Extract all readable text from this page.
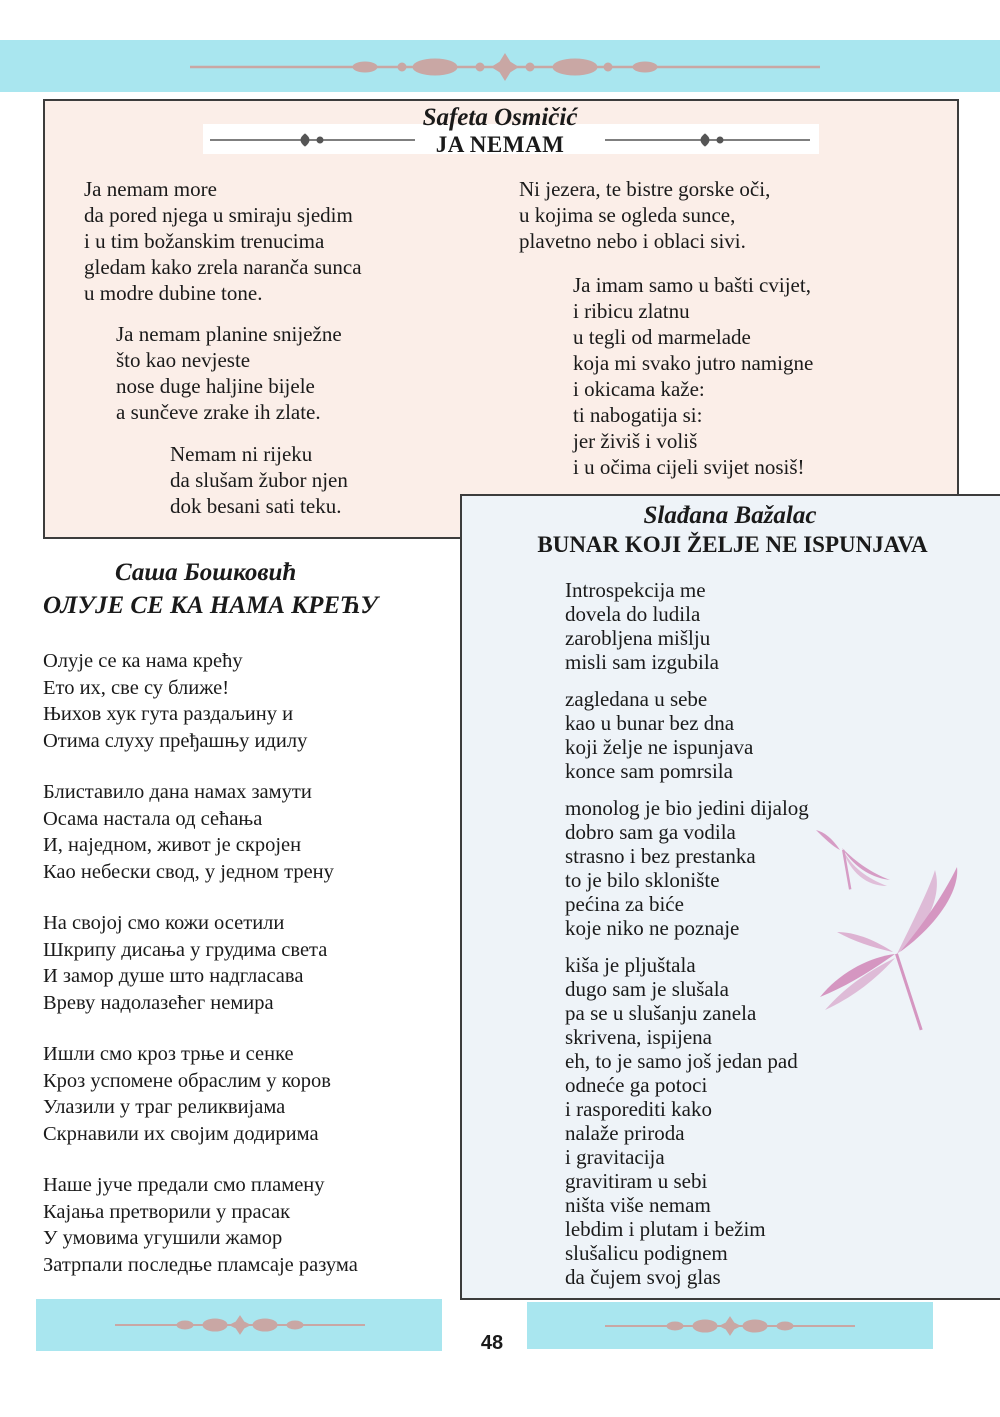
Safeta Osmičić
JA NEMAM
Ja nemam more
da pored njega u smiraju sjedim
i u tim božanskim trenucima
gledam kako zrela naranča sunca
u modre dubine tone.
Ja nemam planine sniježne
što kao nevjeste
nose duge haljine bijele
a sunčeve zrake ih zlate.
Nemam ni rijeku
da slušam žubor njen
dok besani sati teku.
Ni jezera, te bistre gorske oči,
u kojima se ogleda sunce,
plavetno nebo i oblaci sivi.
Ja imam samo u bašti cvijet,
i ribicu zlatnu
u tegli od marmelade
koja mi svako jutro namigne
i okicama kaže:
ti nabogatija si:
jer živiš i voliš
i u očima cijeli svijet nosiš!
Саша Бошковић
ОЛУЈЕ СЕ КА НАМА КРЕЋУ
Олује се ка нама крећу
Ето их, све су ближе!
Њихов хук гута раздаљину и
Отима слуху пређашњу идилу
Блиставило дана намах замути
Осама настала од сећања
И, наједном, живот је скројен
Као небески свод, у једном трену
На својој смо кожи осетили
Шкрипу дисања у грудима света
И замор душе што надгласава
Вреву надолазећег немира
Ишли смо кроз трње и сенке
Кроз успомене обраслим у коров
Улазили у траг реликвијама
Скрнавили их својим додирима
Наше јуче предали смо пламену
Кајања претворили у прасак
У умовима угушили жамор
Затрпали последње пламсаје разума
Slađana Bažalac
BUNAR KOJI ŽELJE NE ISPUNJAVA
Introspekcija me
dovela do ludila
zarobljena mišlju
misli sam izgubila
zagledana u sebe
kao u bunar bez dna
koji želje ne ispunjava
konce sam pomrsila
monolog je bio jedini dijalog
dobro sam ga vodila
strasno i bez prestanka
to je bilo sklonište
pećina za biće
koje niko ne poznaje
kiša je pljuštala
dugo sam je slušala
pa se u slušanju zanela
skrivena, ispijena
eh, to je samo još jedan pad
odneće ga potoci
i rasporediti kako
nalaže priroda
i gravitacija
gravitiram u sebi
ništa više nemam
lebdim i plutam i bežim
slušalicu podignem
da čujem svoj glas
48
